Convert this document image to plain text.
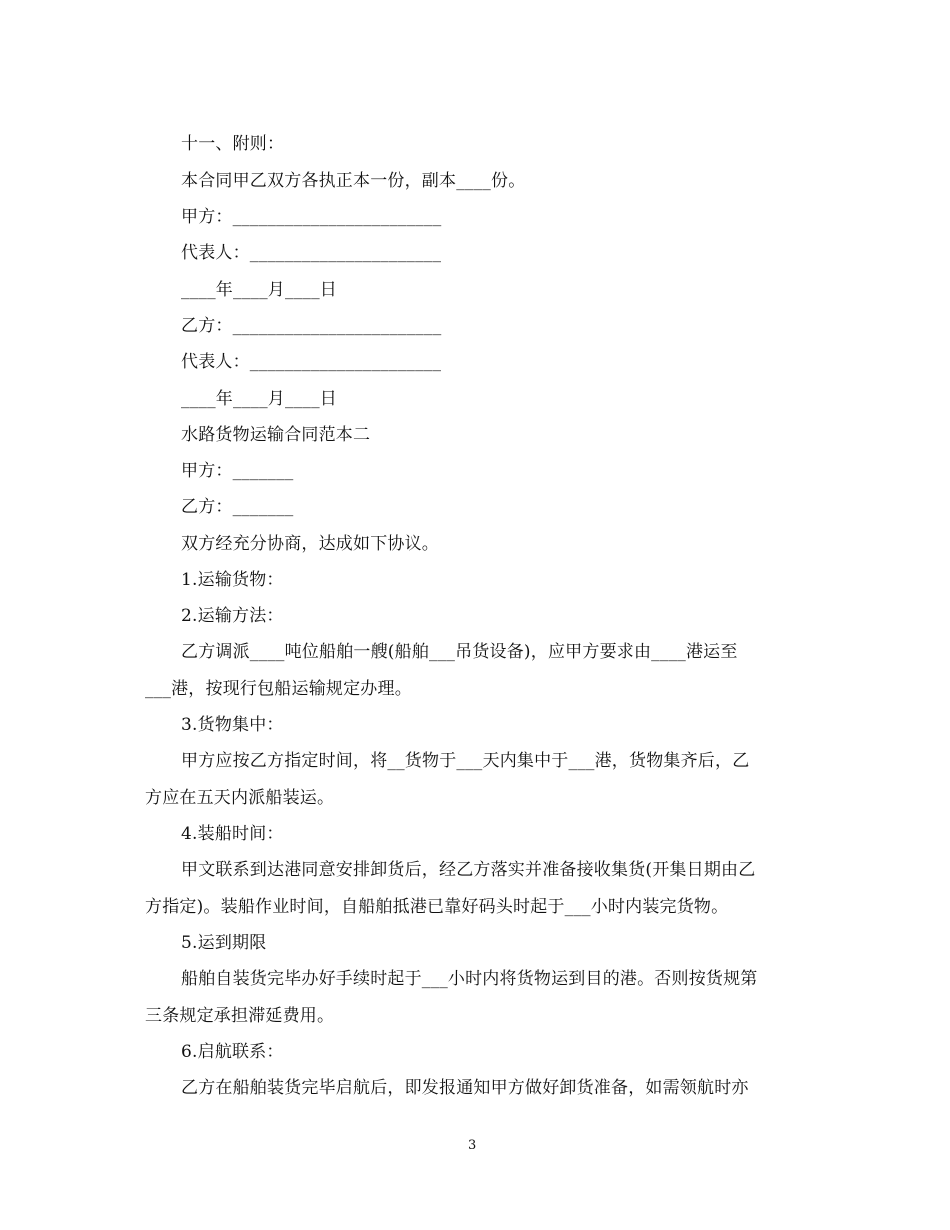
十一、附则：
本合同甲乙双方各执正本一份，副本____份。
甲方：________________________
代表人：______________________
____年____月____日
乙方：________________________
代表人：______________________
____年____月____日
水路货物运输合同范本二
甲方：_______
乙方：_______
双方经充分协商，达成如下协议。
1.运输货物：
2.运输方法：
乙方调派____吨位船舶一艘(船舶___吊货设备)，应甲方要求由____港运至
___港，按现行包船运输规定办理。
3.货物集中：
甲方应按乙方指定时间，将__货物于___天内集中于___港，货物集齐后，乙
方应在五天内派船装运。
4.装船时间：
甲文联系到达港同意安排卸货后，经乙方落实并准备接收集货(开集日期由乙
方指定)。装船作业时间，自船舶抵港已靠好码头时起于___小时内装完货物。
5.运到期限
船舶自装货完毕办好手续时起于___小时内将货物运到目的港。否则按货规第
三条规定承担滞延费用。
6.启航联系：
乙方在船舶装货完毕启航后，即发报通知甲方做好卸货准备，如需领航时亦
3
